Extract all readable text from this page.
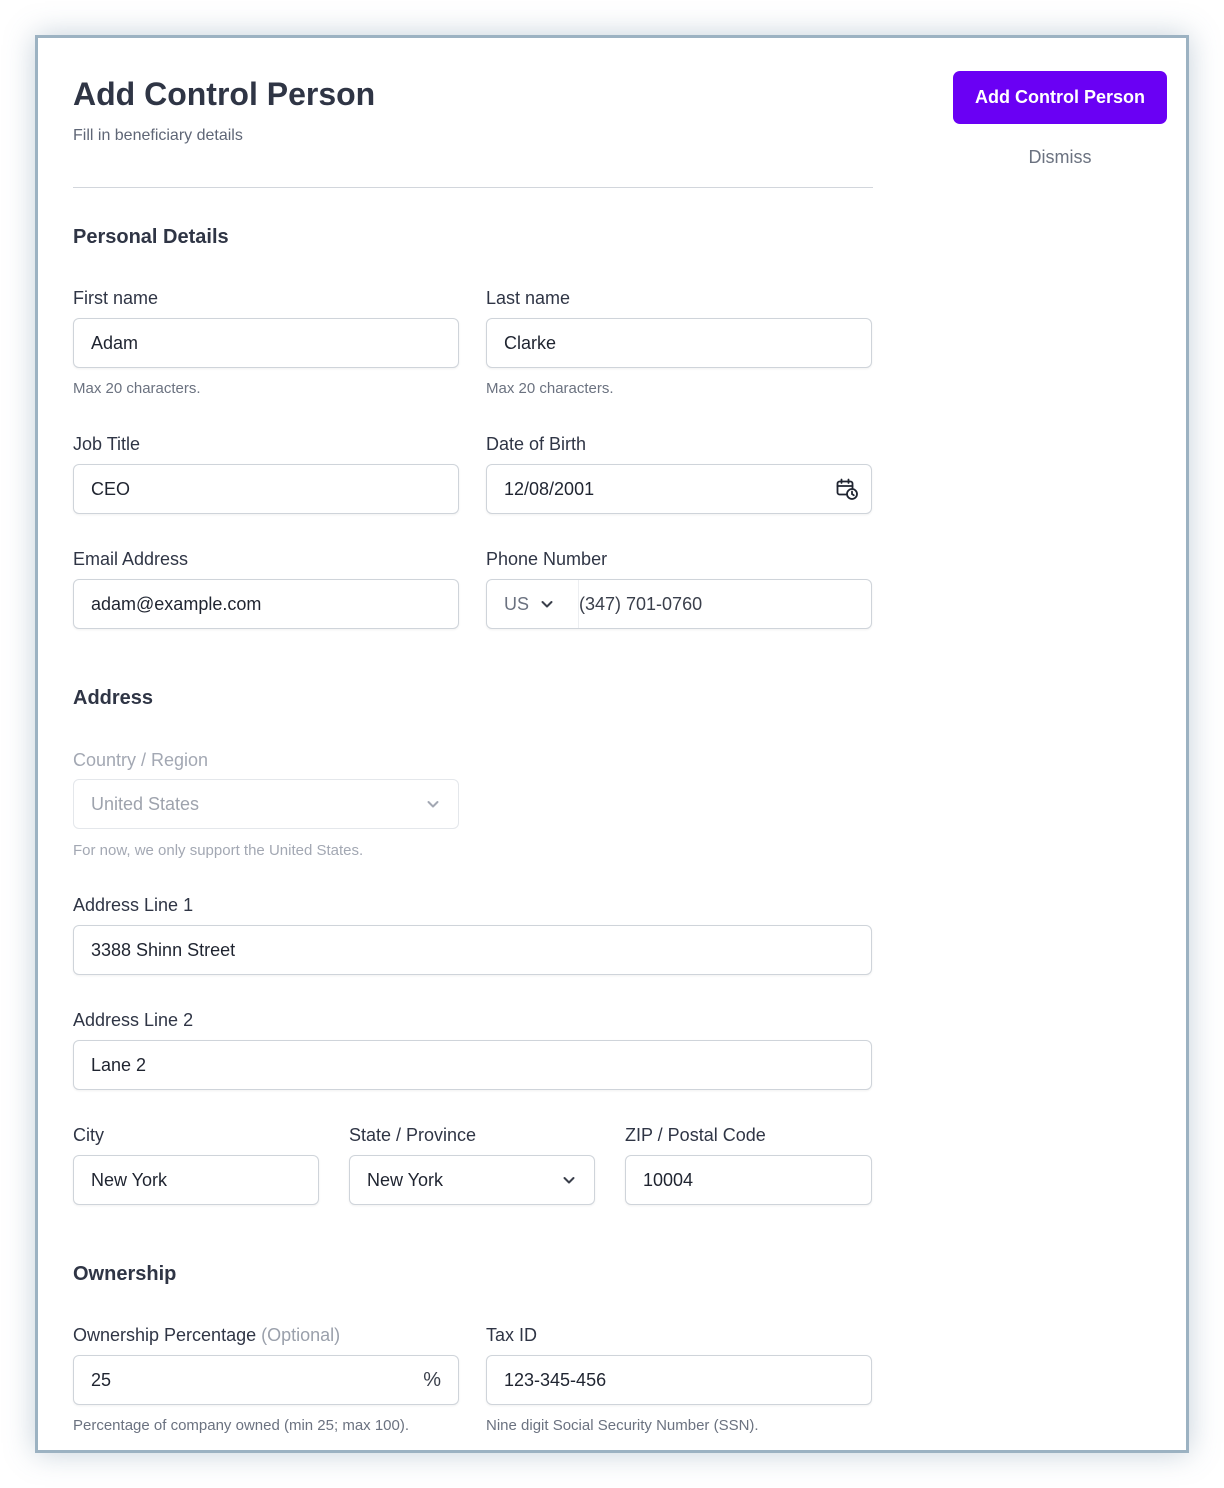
Add Control Person
Fill in beneficiary details
Add Control Person
Dismiss
Personal Details
First name
Adam
Max 20 characters.
Last name
Clarke
Max 20 characters.
Job Title
CEO
Date of Birth
12/08/2001
Email Address
adam@example.com
Phone Number
US	(347) 701-0760
Address
Country / Region
United States
For now, we only support the United States.
Address Line 1
3388 Shinn Street
Address Line 2
Lane 2
City
New York
State / Province
New York
ZIP / Postal Code
10004
Ownership
Ownership Percentage (Optional)
25	%
Percentage of company owned (min 25; max 100).
Tax ID
123-345-456
Nine digit Social Security Number (SSN).
